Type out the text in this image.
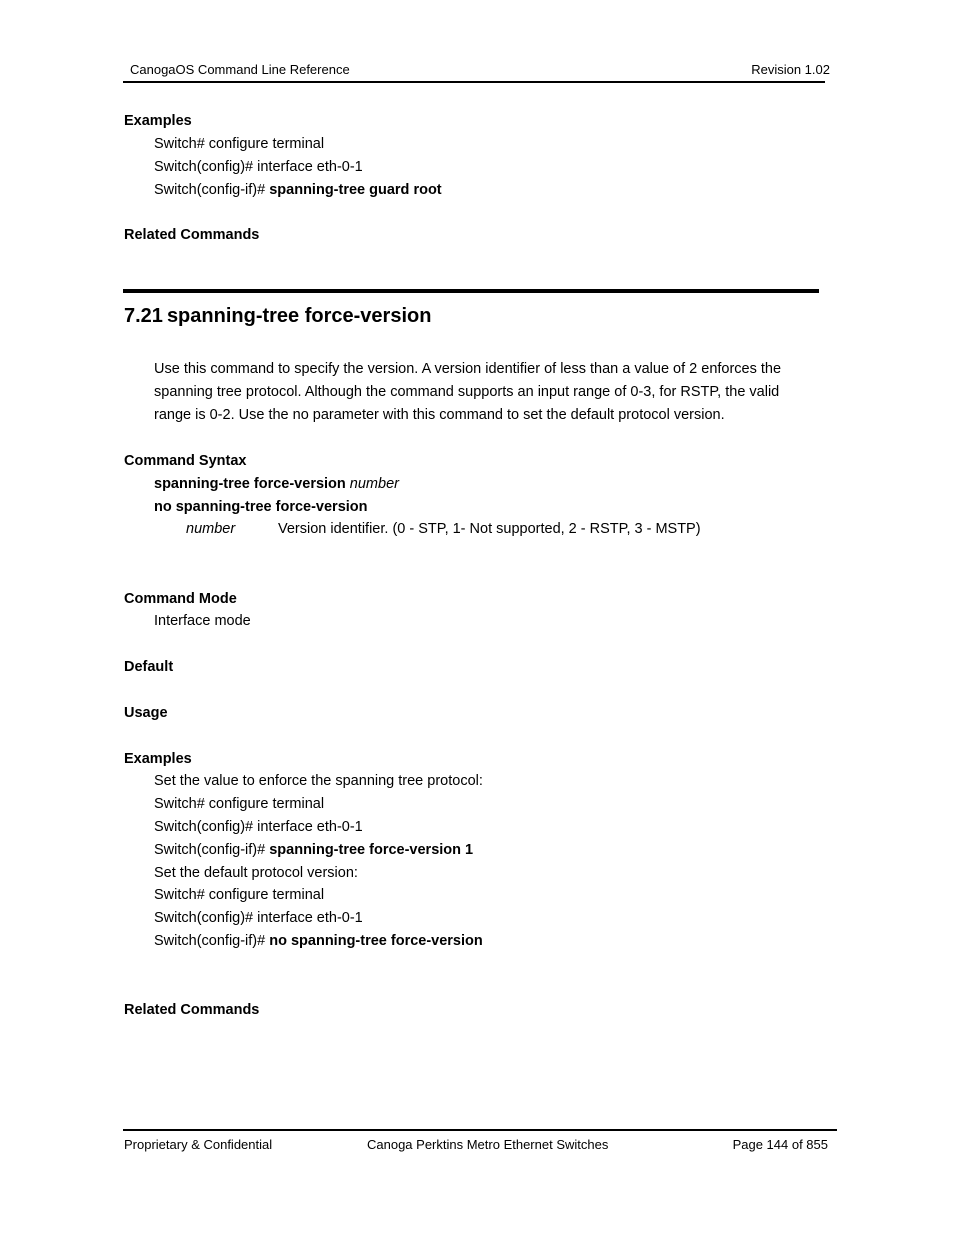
CanogaOS Command Line Reference	Revision 1.02
Examples
Switch# configure terminal
Switch(config)# interface eth-0-1
Switch(config-if)# spanning-tree guard root
Related Commands
7.21 spanning-tree force-version
Use this command to specify the version. A version identifier of less than a value of 2 enforces the
spanning tree protocol. Although the command supports an input range of 0-3, for RSTP, the valid
range is 0-2. Use the no parameter with this command to set the default protocol version.
Command Syntax
spanning-tree force-version number
no spanning-tree force-version
number	Version identifier. (0 - STP, 1- Not supported, 2 - RSTP, 3 - MSTP)
Command Mode
Interface mode
Default
Usage
Examples
Set the value to enforce the spanning tree protocol:
Switch# configure terminal
Switch(config)# interface eth-0-1
Switch(config-if)# spanning-tree force-version 1
Set the default protocol version:
Switch# configure terminal
Switch(config)# interface eth-0-1
Switch(config-if)# no spanning-tree force-version
Related Commands
Proprietary & Confidential	Canoga Perktins Metro Ethernet Switches	Page 144 of 855
